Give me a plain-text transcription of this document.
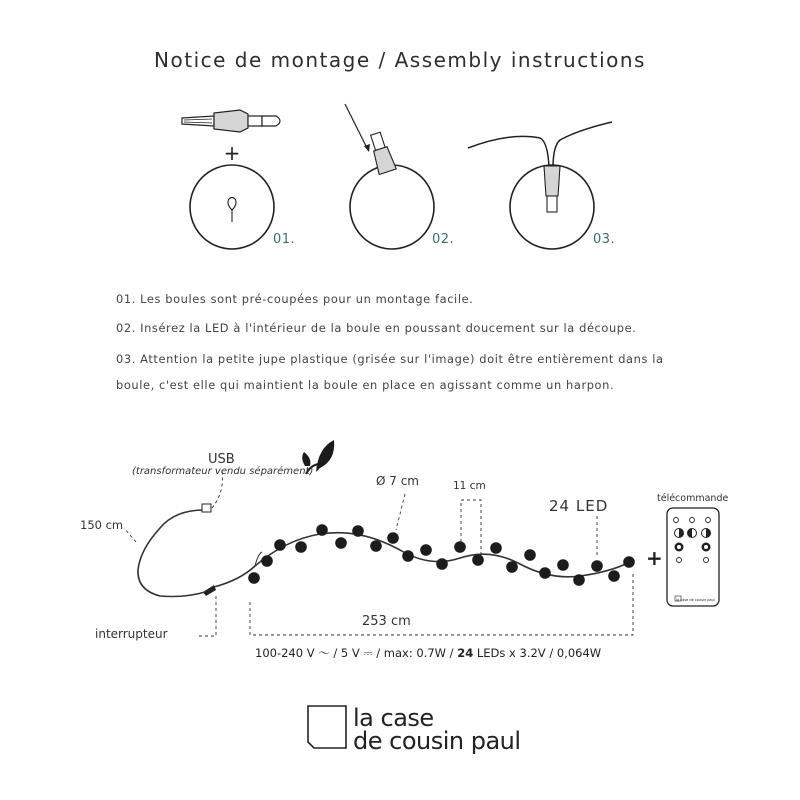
Notice de montage / Assembly instructions
+
01.	02.	03.
01. Les boules sont pré-coupées pour un montage facile.
02. Insérez la LED à l'intérieur de la boule en poussant doucement sur la découpe.
03. Attention la petite jupe plastique (grisée sur l'image) doit être entièrement dans la
boule, c'est elle qui maintient la boule en place en agissant comme un harpon.
USB
(transformateur vendu séparément)
150 cm
Ø 7 cm	11 cm
24 LED	télécommande
+
interrupteur
253 cm
la case de cousin paul
100-240 V ～ / 5 V ⎓ / max: 0.7W / 24 LEDs x 3.2V / 0,064W
la case
de cousin paul
